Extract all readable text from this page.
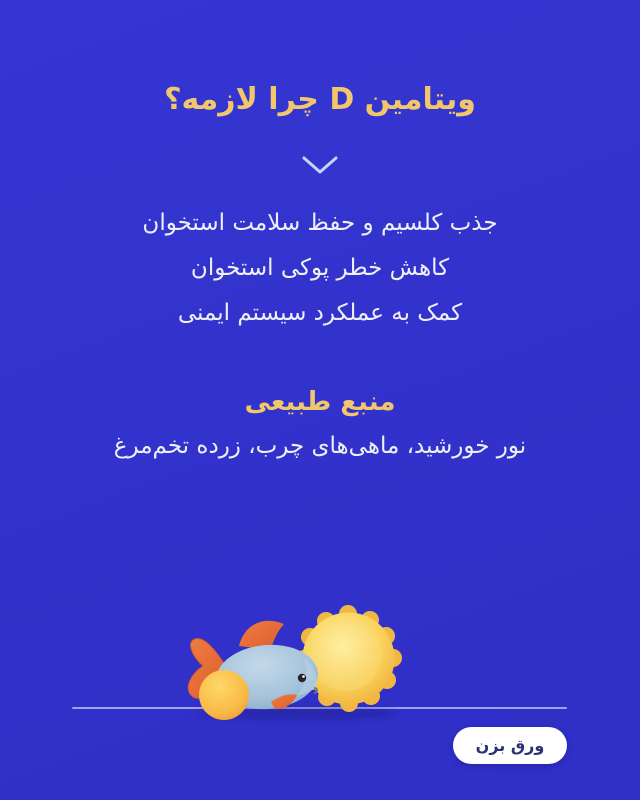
ویتامین D چرا لازمه؟
جذب کلسیم و حفظ سلامت استخوان
کاهش خطر پوکی استخوان
کمک به عملکرد سیستم ایمنی
منبع طبیعی
نور خورشید، ماهی‌های چرب، زرده تخم‌مرغ
ورق بزن
